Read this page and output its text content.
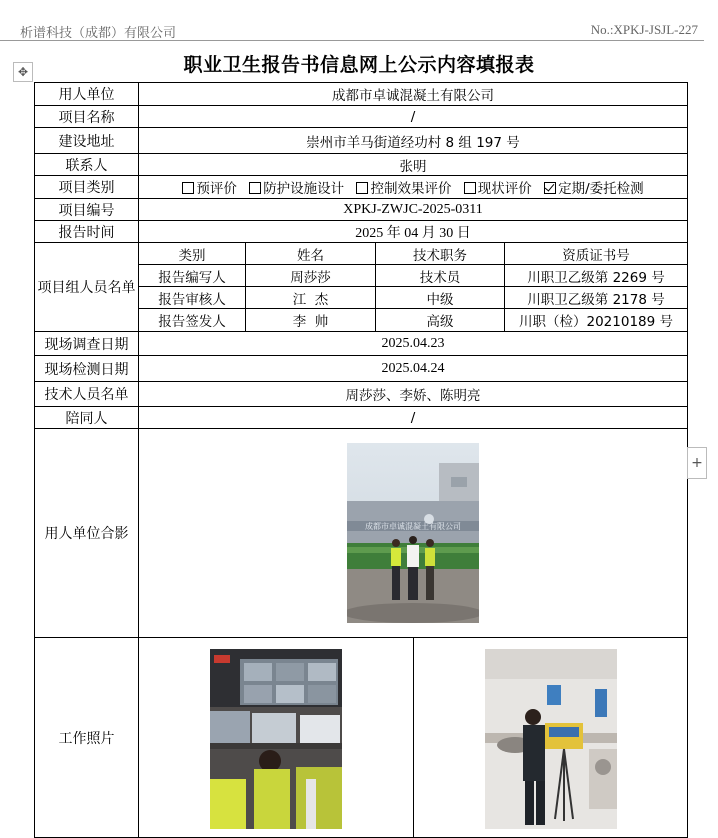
析谱科技（成都）有限公司	No.:XPKJ-JSJL-227
✥	职业卫生报告书信息网上公示内容填报表
用人单位	成都市卓诚混凝土有限公司				
项目名称	/				
建设地址	崇州市羊马街道经功村 8 组 197 号				
联系人	张明				
项目类别	预评价 防护设施设计 控制效果评价 现状评价 定期/委托检测				
项目编号	XPKJ-ZWJC-2025-0311				
报告时间	2025 年 04 月 30 日				
项目组人员名单	类别	姓名	技术职务		资质证书号
	报告编写人	周莎莎	技术员		川职卫乙级第 2269 号
	报告审核人	江  杰	中级		川职卫乙级第 2178 号
	报告签发人	李  帅	高级		川职（检）20210189 号
现场调查日期	2025.04.23				
现场检测日期	2025.04.24				
技术人员名单	周莎莎、李娇、陈明亮				
陪同人	/				
用人单位合影	成都市卓诚混凝土有限公司				

工作照片	

+
